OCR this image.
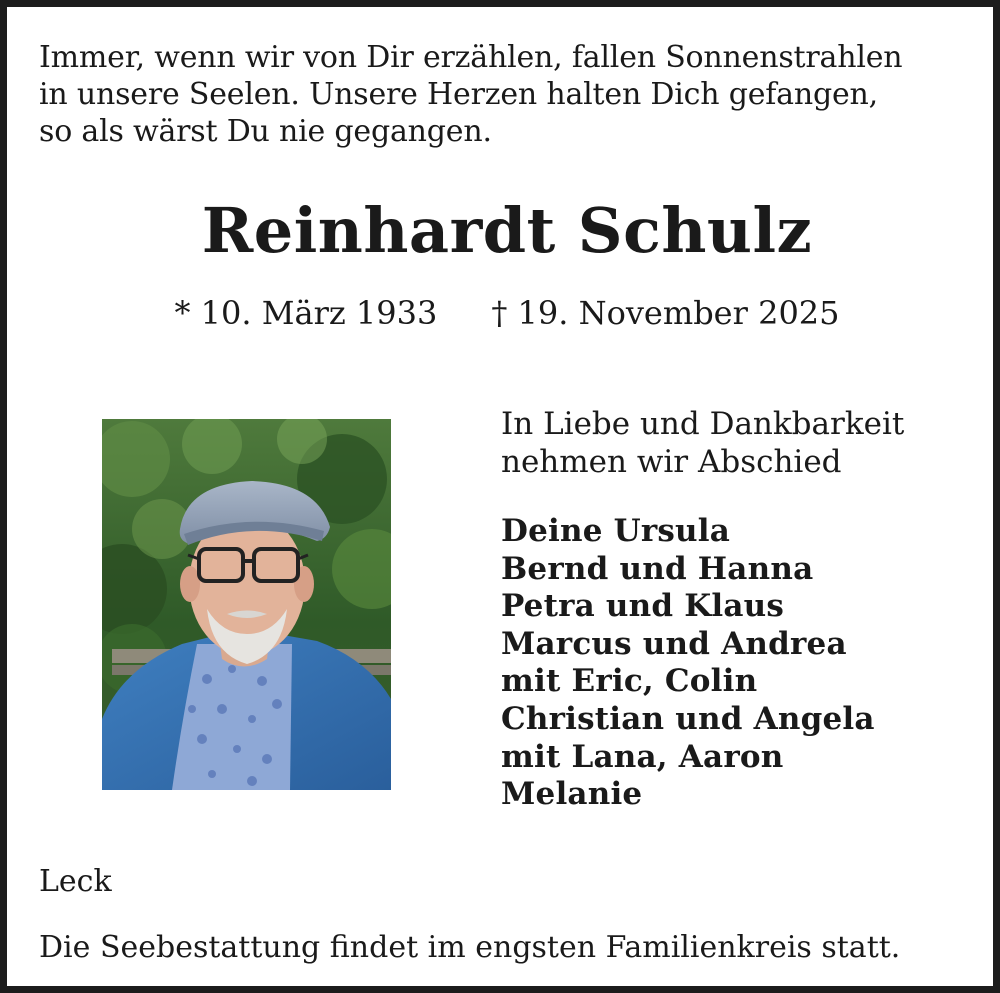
Immer, wenn wir von Dir erzählen, fallen Sonnenstrahlen
in unsere Seelen. Unsere Herzen halten Dich gefangen,
so als wärst Du nie gegangen.
Reinhardt Schulz
* 10. März 1933 † 19. November 2025
In Liebe und Dankbarkeit
nehmen wir Abschied
Deine Ursula
Bernd und Hanna
Petra und Klaus
Marcus und Andrea
mit Eric, Colin
Christian und Angela
mit Lana, Aaron
Melanie
Leck
Die Seebestattung findet im engsten Familienkreis statt.
